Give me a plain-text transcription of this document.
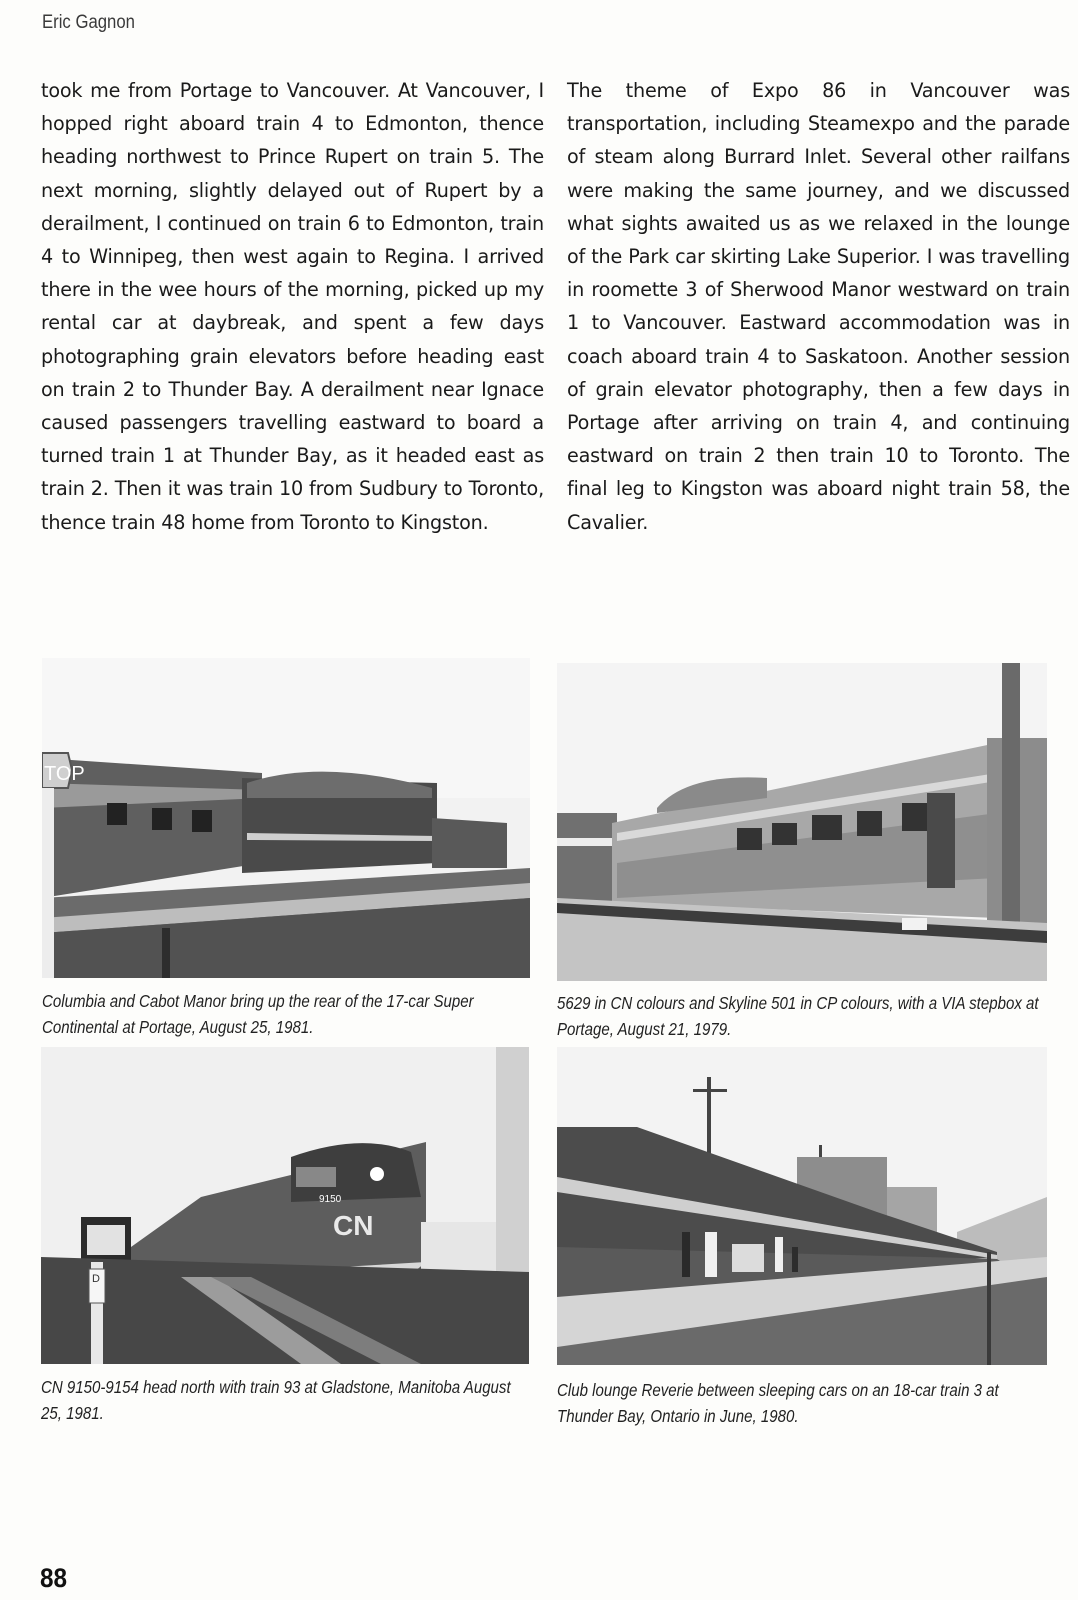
Eric Gagnon

took me from Portage to Vancouver. At Vancouver, I hopped right aboard train 4 to Edmonton, thence heading northwest to Prince Rupert on train 5. The next morning, slightly delayed out of Rupert by a derailment, I continued on train 6 to Edmonton, train 4 to Winnipeg, then west again to Regina. I arrived there in the wee hours of the morning, picked up my rental car at daybreak, and spent a few days photographing grain elevators before heading east on train 2 to Thunder Bay. A derailment near Ignace caused passengers travelling eastward to board a turned train 1 at Thunder Bay, as it headed east as train 2. Then it was train 10 from Sudbury to Toronto, thence train 48 home from Toronto to Kingston.

The theme of Expo 86 in Vancouver was transportation, including Steamexpo and the parade of steam along Burrard Inlet. Several other railfans were making the same journey, and we discussed what sights awaited us as we relaxed in the lounge of the Park car skirting Lake Superior. I was travelling in roomette 3 of Sherwood Manor westward on train 1 to Vancouver. Eastward accommodation was in coach aboard train 4 to Saskatoon. Another session of grain elevator photography, then a few days in Portage after arriving on train 4, and continuing eastward on train 2 then train 10 to Toronto. The final leg to Kingston was aboard night train 58, the Cavalier.

TOP
Columbia and Cabot Manor bring up the rear of the 17-car Super Continental at Portage, August 25, 1981.
5629 in CN colours and Skyline 501 in CP colours, with a VIA stepbox at Portage, August 21, 1979.
9150
CN
D
CN 9150-9154 head north with train 93 at Gladstone, Manitoba August 25, 1981.
Club lounge Reverie between sleeping cars on an 18-car train 3 at Thunder Bay, Ontario in June, 1980.
88
